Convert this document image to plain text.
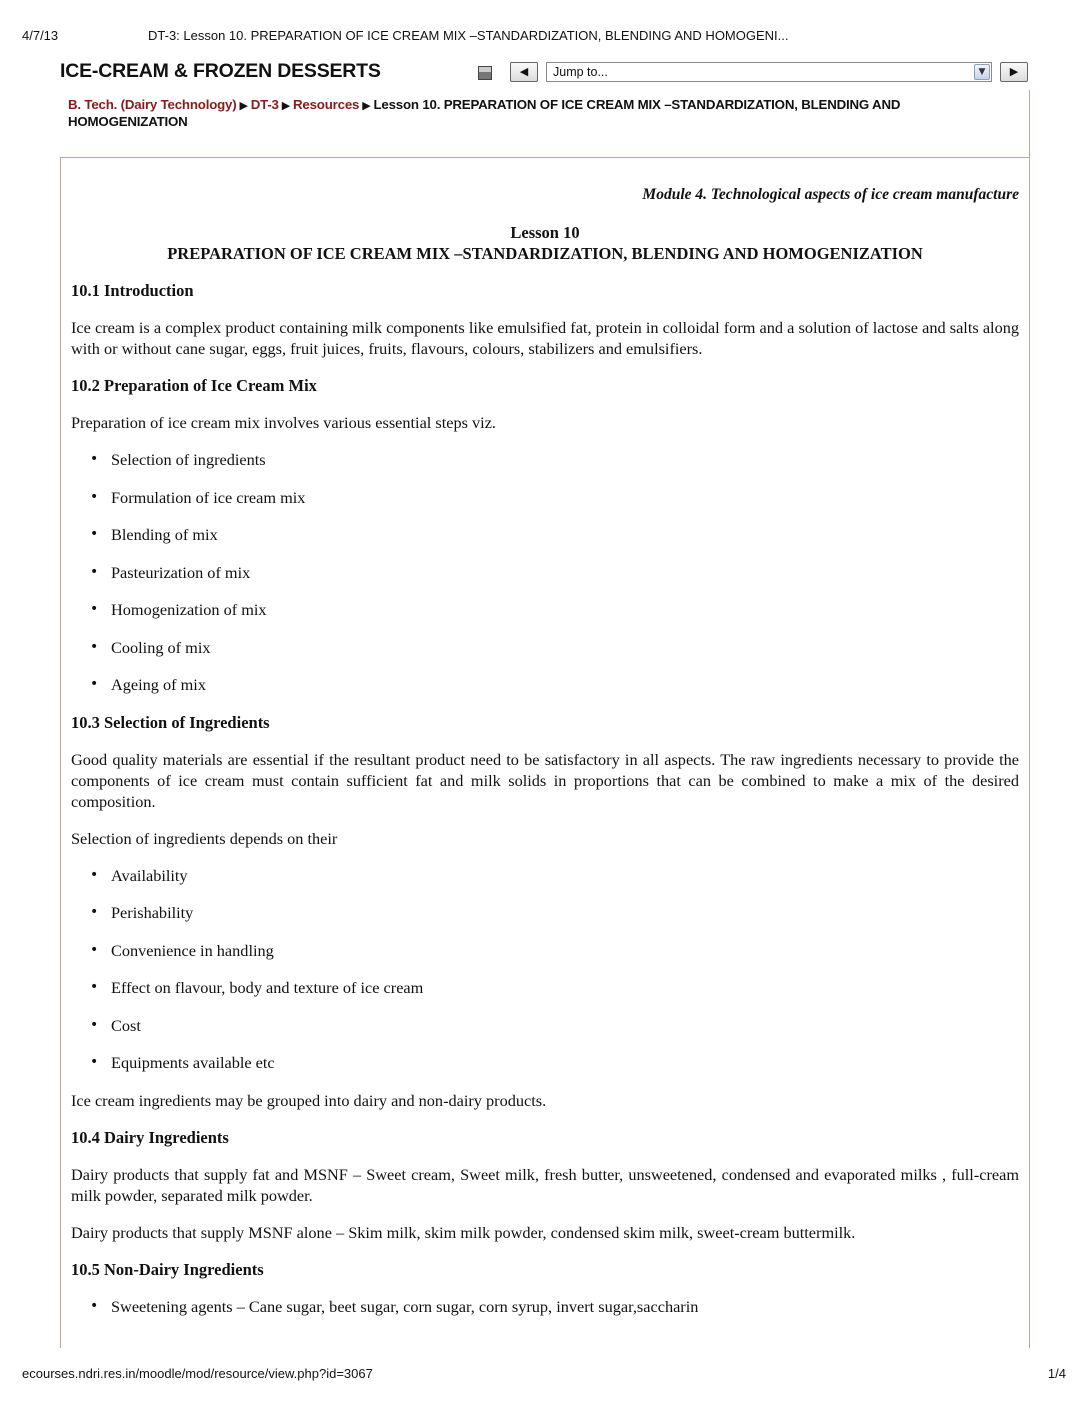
4/7/13	DT-3: Lesson 10. PREPARATION OF ICE CREAM MIX –STANDARDIZATION, BLENDING AND HOMOGENI...
ICE-CREAM & FROZEN DESSERTS	◀	Jump to...	▼	▶
B. Tech. (Dairy Technology) ▶ DT-3 ▶ Resources ▶ Lesson 10. PREPARATION OF ICE CREAM MIX –STANDARDIZATION, BLENDING AND HOMOGENIZATION
Module 4. Technological aspects of ice cream manufacture
Lesson 10
PREPARATION OF ICE CREAM MIX –STANDARDIZATION, BLENDING AND HOMOGENIZATION
10.1 Introduction

Ice cream is a complex product containing milk components like emulsified fat, protein in colloidal form and a solution of lactose and salts along with or without cane sugar, eggs, fruit juices, fruits, flavours, colours, stabilizers and emulsifiers.

10.2 Preparation of Ice Cream Mix

Preparation of ice cream mix involves various essential steps viz.

• Selection of ingredients
• Formulation of ice cream mix
• Blending of mix
• Pasteurization of mix
• Homogenization of mix
• Cooling of mix
• Ageing of mix
10.3 Selection of Ingredients

Good quality materials are essential if the resultant product need to be satisfactory in all aspects. The raw ingredients necessary to provide the components of ice cream must contain sufficient fat and milk solids in proportions that can be combined to make a mix of the desired composition.

Selection of ingredients depends on their

• Availability
• Perishability
• Convenience in handling
• Effect on flavour, body and texture of ice cream
• Cost
• Equipments available etc

Ice cream ingredients may be grouped into dairy and non-dairy products.

10.4 Dairy Ingredients

Dairy products that supply fat and MSNF – Sweet cream, Sweet milk, fresh butter, unsweetened, condensed and evaporated milks , full-cream milk powder, separated milk powder.

Dairy products that supply MSNF alone – Skim milk, skim milk powder, condensed skim milk, sweet-cream buttermilk.

10.5 Non-Dairy Ingredients
• Sweetening agents – Cane sugar, beet sugar, corn sugar, corn syrup, invert sugar,saccharin
ecourses.ndri.res.in/moodle/mod/resource/view.php?id=3067	1/4
